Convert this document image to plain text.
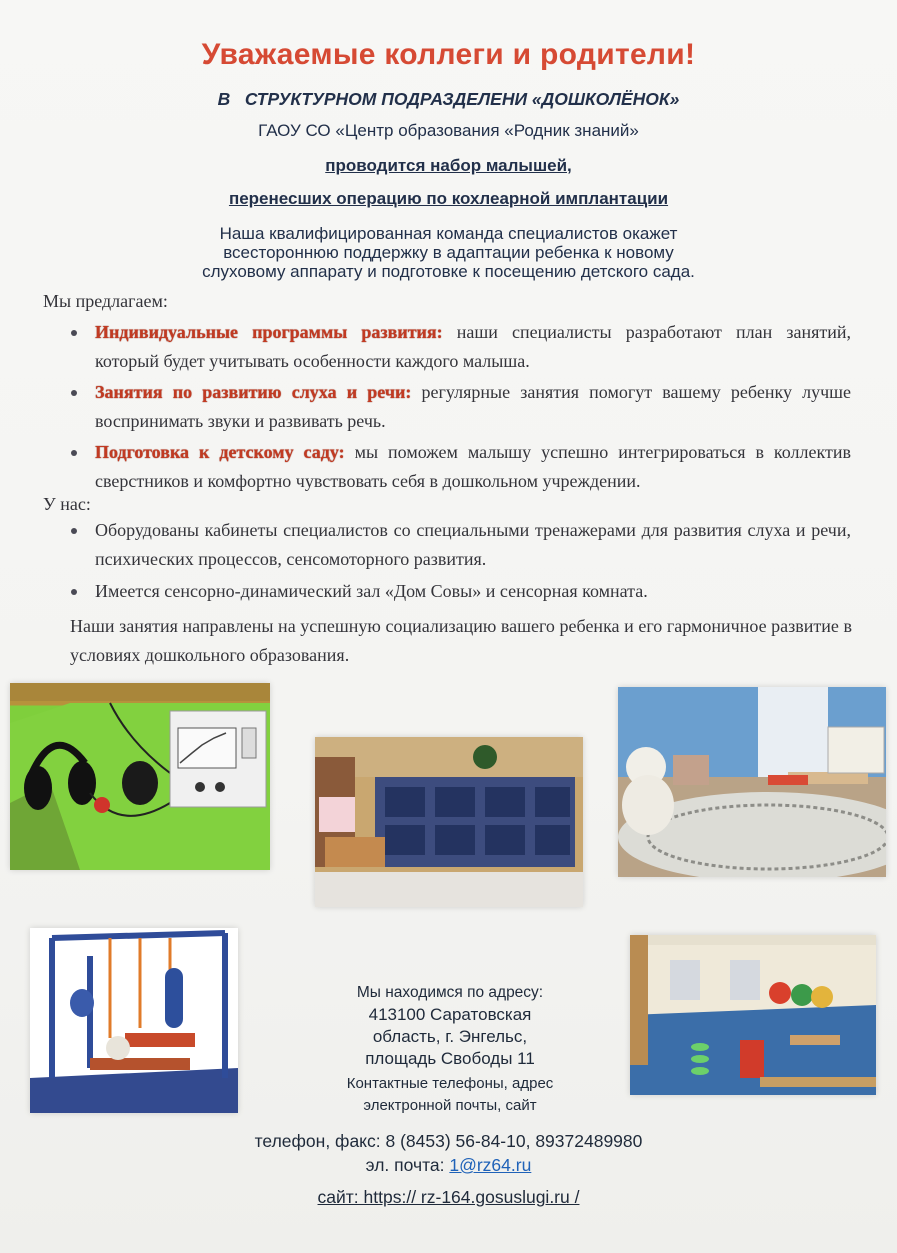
Уважаемые коллеги и родители!
В   СТРУКТУРНОМ ПОДРАЗДЕЛЕНИ «ДОШКОЛЁНОК»
ГАОУ СО «Центр образования «Родник знаний»
проводится набор малышей,
перенесших операцию по кохлеарной имплантации
Наша квалифицированная команда специалистов окажет
всестороннюю поддержку в адаптации ребенка к новому
слуховому аппарату и подготовке к посещению детского сада.
Мы предлагаем:
Индивидуальные программы развития: наши специалисты разработают план занятий, который будет учитывать особенности каждого малыша.
Занятия по развитию слуха и речи: регулярные занятия помогут вашему ребенку лучше воспринимать звуки и развивать речь.
Подготовка к детскому саду: мы поможем малышу успешно интегрироваться в коллектив сверстников и комфортно чувствовать себя в дошкольном учреждении.
У нас:
Оборудованы кабинеты специалистов со специальными тренажерами для развития слуха и речи, психических процессов, сенсомоторного развития.
Имеется сенсорно-динамический зал «Дом Совы» и сенсорная комната.
Наши занятия направлены на успешную социализацию вашего ребенка и его гармоничное развитие в условиях дошкольного образования.
Мы находимся по адресу:
413100 Саратовская
область, г. Энгельс,
площадь Свободы 11
Контактные телефоны, адрес
электронной почты, сайт
телефон, факс: 8 (8453) 56-84-10, 89372489980
эл. почта: 1@rz64.ru
сайт: https:// rz-164.gosuslugi.ru /
